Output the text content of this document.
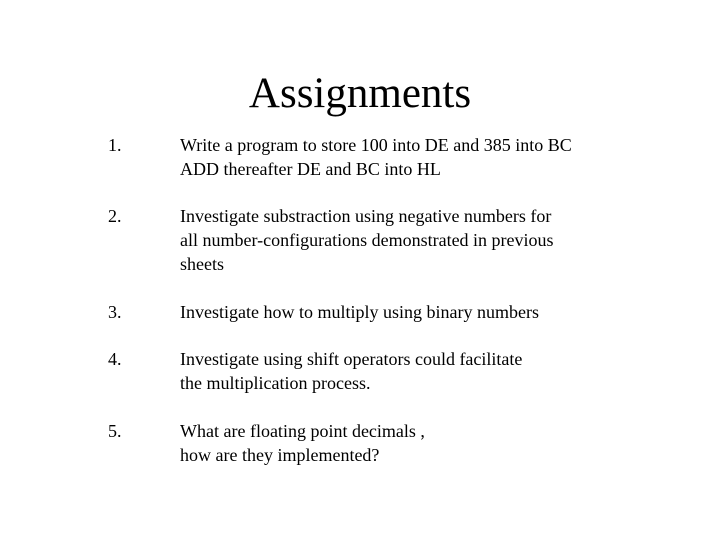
Assignments
1.	Write a program to store 100 into DE and 385 into BC
ADD thereafter DE and BC into HL
2.	Investigate substraction using negative numbers for
all number-configurations demonstrated in previous
sheets
3.	Investigate how to multiply using binary numbers
4.	Investigate using shift operators could facilitate
the multiplication process.
5.	What are floating point decimals ,
how are they implemented?
